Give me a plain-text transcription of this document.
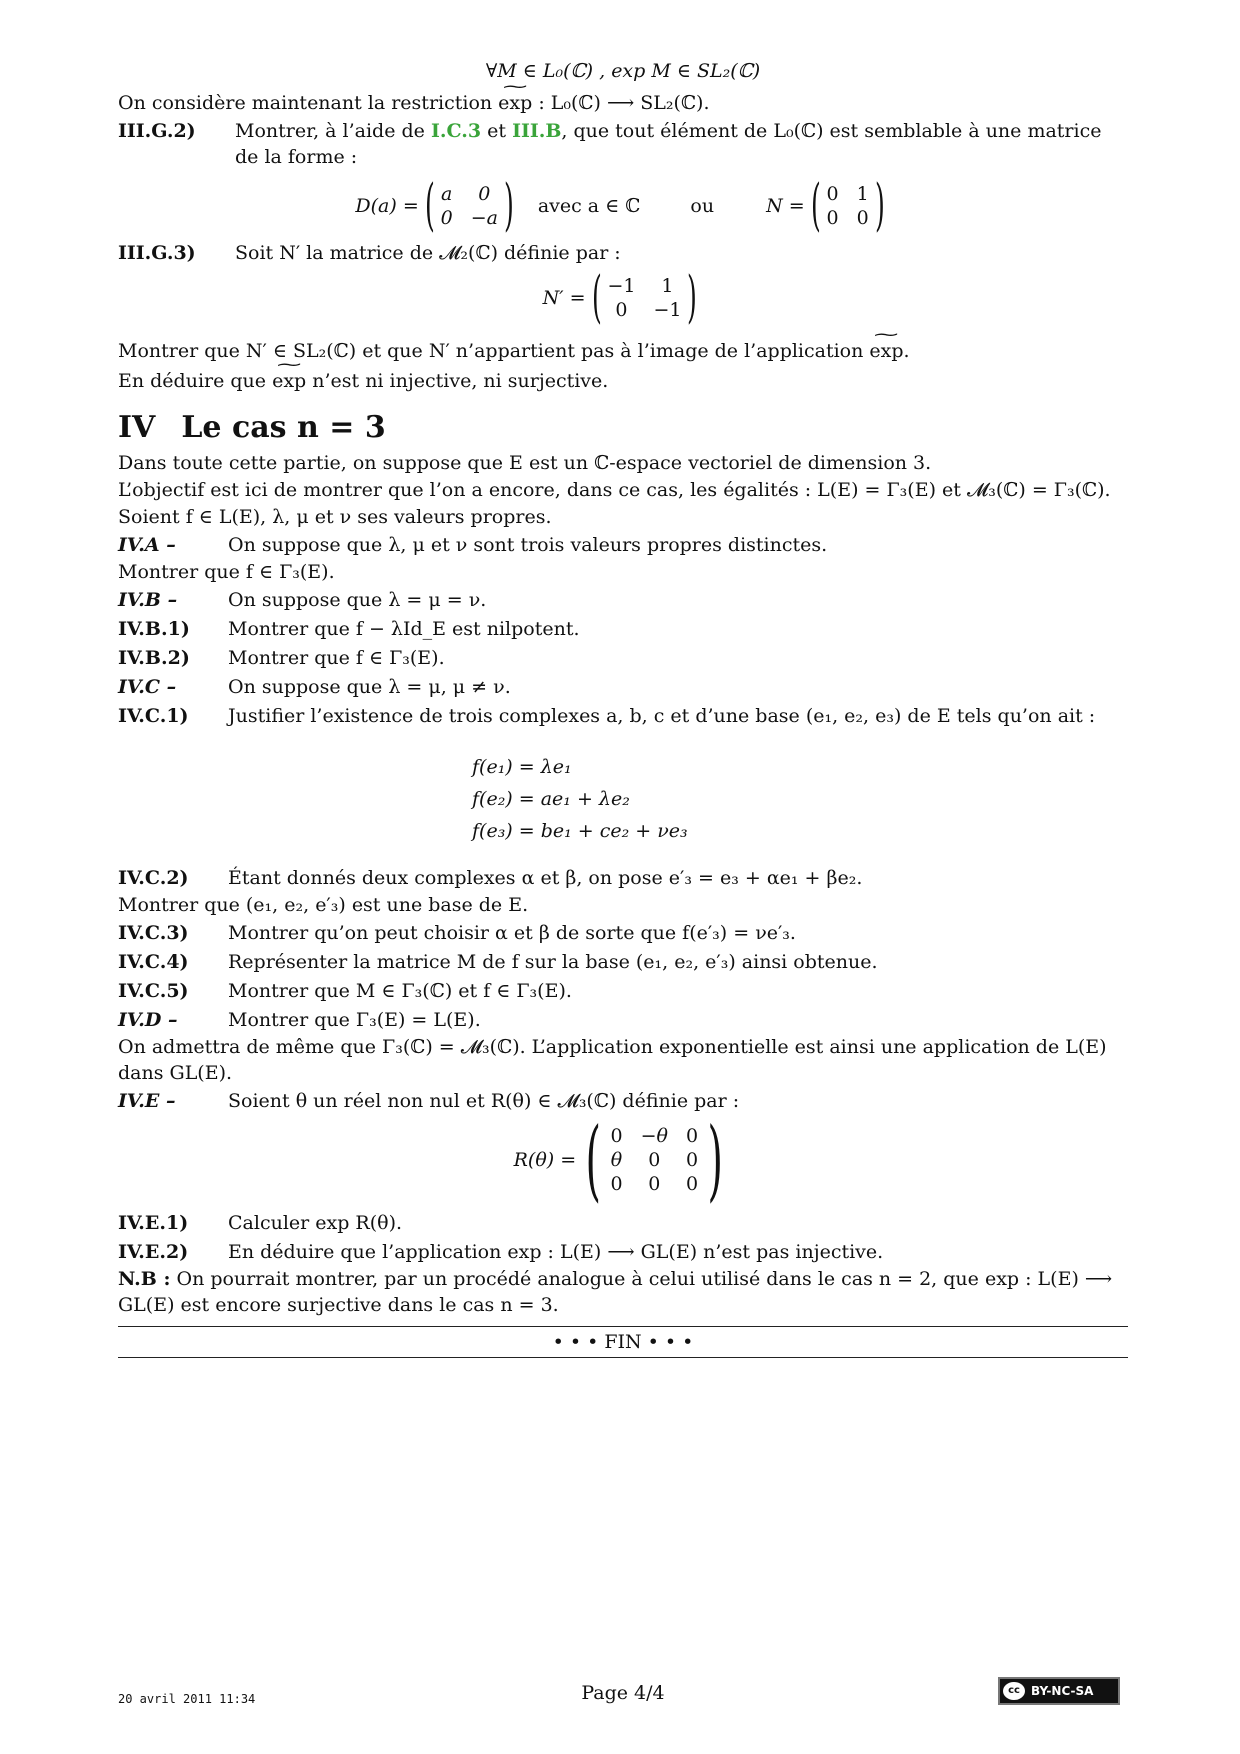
∀M ∈ L₀(ℂ) , exp M ∈ SL₂(ℂ)

On considère maintenant la restriction ~ exp : L₀(ℂ) ⟶ SL₂(ℂ).

III.G.2)	Montrer, à l’aide de I.C.3 et III.B, que tout élément de L₀(ℂ) est semblable à une matrice de la forme :
D(a) = ( a	0
0 −a ) avec a ∈ ℂ	ou	N = ( 0 1
0 0 )
III.G.3)	Soit N′ la matrice de 𝓜₂(ℂ) définie par :
N′ = ( −1	1
0	−1 )

Montrer que N′ ∈ SL₂(ℂ) et que N′ n’appartient pas à l’image de l’application ~ exp.

En déduire que ~ exp n’est ni injective, ni surjective.

IV Le cas n = 3

Dans toute cette partie, on suppose que E est un ℂ-espace vectoriel de dimension 3.

L’objectif est ici de montrer que l’on a encore, dans ce cas, les égalités : L(E) = Γ₃(E) et 𝓜₃(ℂ) = Γ₃(ℂ).

Soient f ∈ L(E), λ, μ et ν ses valeurs propres.

IV.A –	On suppose que λ, μ et ν sont trois valeurs propres distinctes.

Montrer que f ∈ Γ₃(E).

IV.B –	On suppose que λ = μ = ν.
IV.B.1)	Montrer que f − λId_E est nilpotent.
IV.B.2)	Montrer que f ∈ Γ₃(E).
IV.C –	On suppose que λ = μ, μ ≠ ν.
IV.C.1)	Justifier l’existence de trois complexes a, b, c et d’une base (e₁, e₂, e₃) de E tels qu’on ait :
f(e₁) = λe₁
f(e₂) = ae₁ + λe₂
f(e₃) = be₁ + ce₂ + νe₃
IV.C.2)	Étant donnés deux complexes α et β, on pose e′₃ = e₃ + αe₁ + βe₂.

Montrer que (e₁, e₂, e′₃) est une base de E.

IV.C.3)	Montrer qu’on peut choisir α et β de sorte que f(e′₃) = νe′₃.
IV.C.4)	Représenter la matrice M de f sur la base (e₁, e₂, e′₃) ainsi obtenue.
IV.C.5)	Montrer que M ∈ Γ₃(ℂ) et f ∈ Γ₃(E).
IV.D –	Montrer que Γ₃(E) = L(E).

On admettra de même que Γ₃(ℂ) = 𝓜₃(ℂ). L’application exponentielle est ainsi une application de L(E) dans GL(E).

IV.E –	Soient θ un réel non nul et R(θ) ∈ 𝓜₃(ℂ) définie par :
R(θ) = ( 0 −θ 0
θ	0	0
0	0	0 )
IV.E.1)	Calculer exp R(θ).
IV.E.2)	En déduire que l’application exp : L(E) ⟶ GL(E) n’est pas injective.

N.B : On pourrait montrer, par un procédé analogue à celui utilisé dans le cas n = 2, que exp : L(E) ⟶ GL(E) est encore surjective dans le cas n = 3.

• • • FIN • • •
20 avril 2011 11:34	Page 4/4	cc BY-NC-SA
